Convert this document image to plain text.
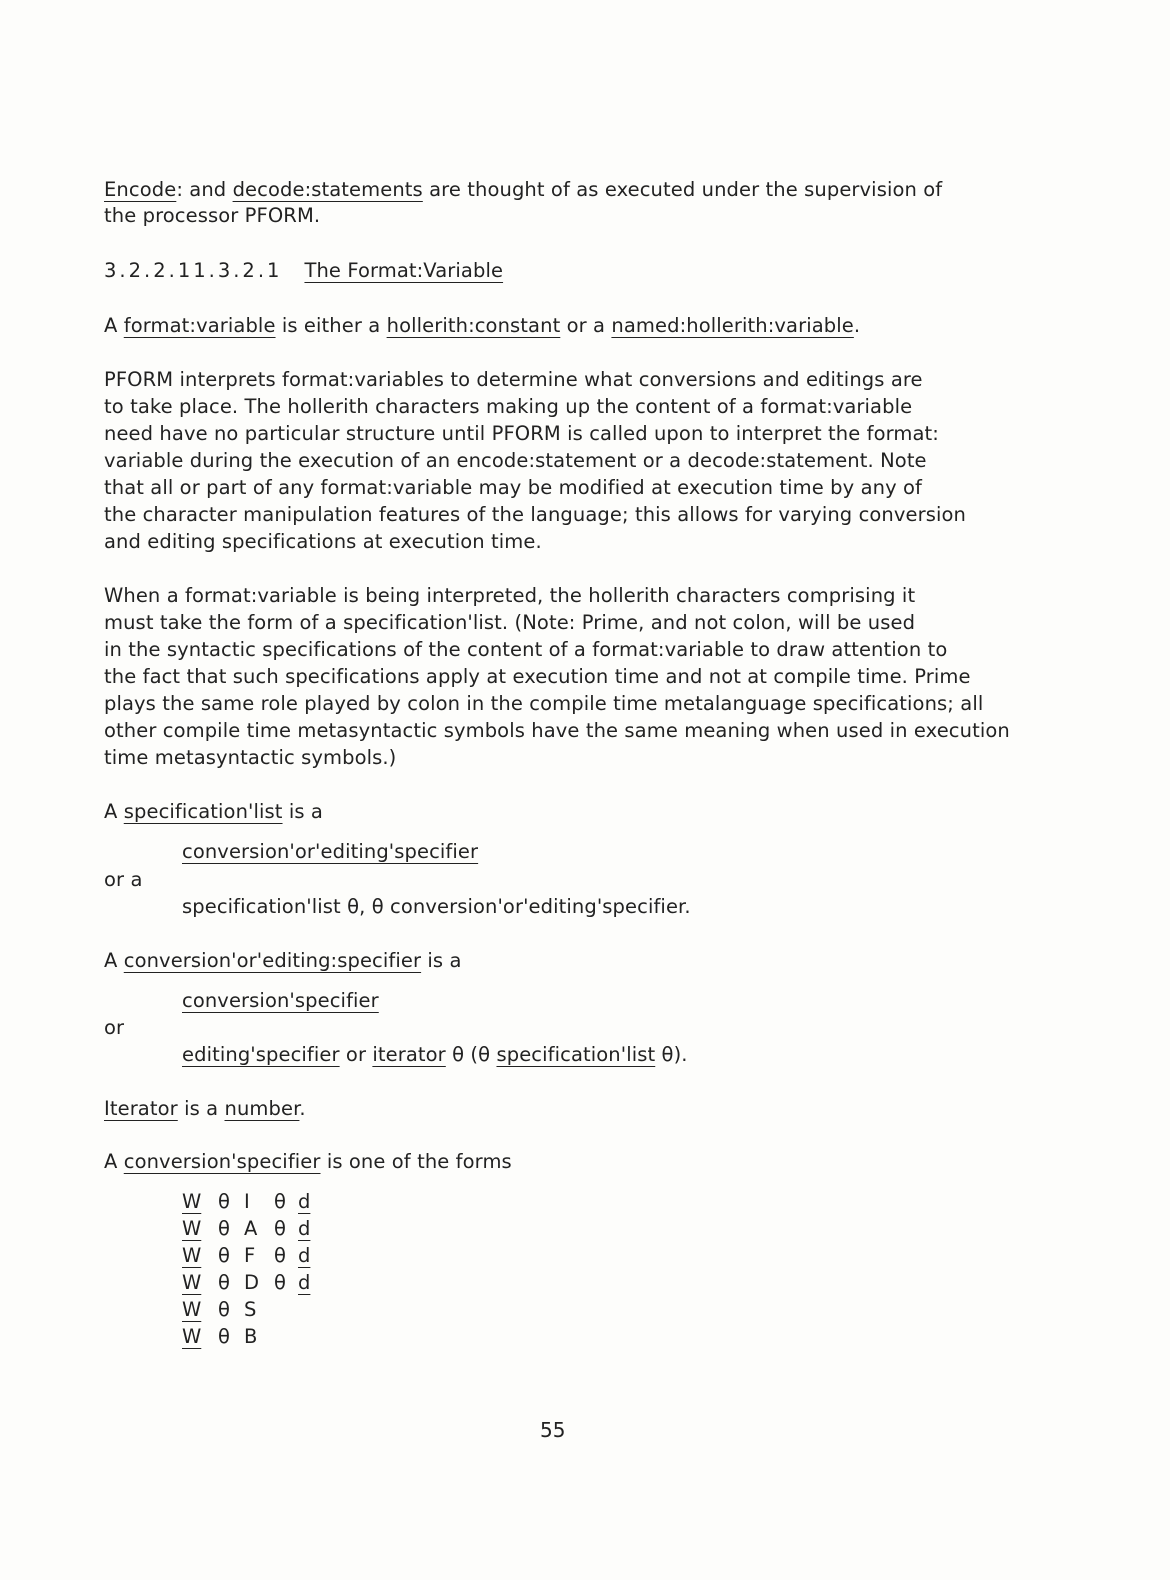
Encode: and decode:statements are thought of as executed under the supervision of
the processor PFORM.
3.2.2.11.3.2.1 The Format:Variable
A format:variable is either a hollerith:constant or a named:hollerith:variable.
PFORM interprets format:variables to determine what conversions and editings are
to take place. The hollerith characters making up the content of a format:variable
need have no particular structure until PFORM is called upon to interpret the format:
variable during the execution of an encode:statement or a decode:statement. Note
that all or part of any format:variable may be modified at execution time by any of
the character manipulation features of the language; this allows for varying conversion
and editing specifications at execution time.
When a format:variable is being interpreted, the hollerith characters comprising it
must take the form of a specification'list. (Note: Prime, and not colon, will be used
in the syntactic specifications of the content of a format:variable to draw attention to
the fact that such specifications apply at execution time and not at compile time. Prime
plays the same role played by colon in the compile time metalanguage specifications; all
other compile time metasyntactic symbols have the same meaning when used in execution
time metasyntactic symbols.)
A specification'list is a
conversion'or'editing'specifier
or a
specification'list θ, θ conversion'or'editing'specifier.
A conversion'or'editing:specifier is a
conversion'specifier
or
editing'specifier or iterator θ (θ specification'list θ).
Iterator is a number.
A conversion'specifier is one of the forms
W θ I θ d
W θ A θ d
W θ F θ d
W θ D θ d
W θ S
W θ B
55
